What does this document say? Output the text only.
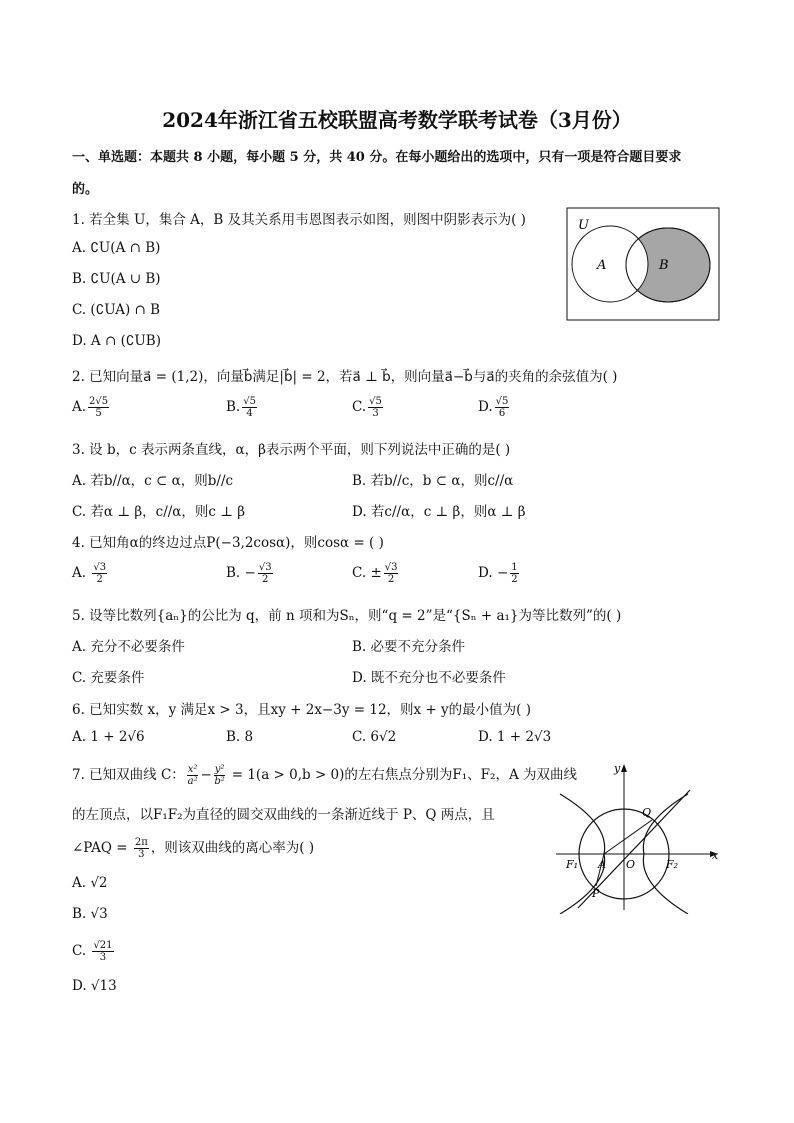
2024年浙江省五校联盟高考数学联考试卷（3月份）
一、单选题：本题共 8 小题，每小题 5 分，共 40 分。在每小题给出的选项中，只有一项是符合题目要求
的。
1. 若全集 U，集合 A，B 及其关系用韦恩图表示如图，则图中阴影表示为( )
A. ∁U(A ∩ B)
B. ∁U(A ∪ B)
C. (∁UA) ∩ B
D. A ∩ (∁UB)
U
A	B
2. 已知向量a⃗ = (1,2)，向量b⃗满足|b⃗| = 2，若a⃗ ⊥ b⃗，则向量a⃗−b⃗与a⃗的夹角的余弦值为( )
A. $\frac{2√5}{5}$	B. $\frac{√5}{4}$	C. $\frac{√5}{3}$	D. $\frac{√5}{6}$
3. 设 b，c 表示两条直线，α，β表示两个平面，则下列说法中正确的是( )
A. 若b//α，c ⊂ α，则b//c	B. 若b//c，b ⊂ α，则c//α
C. 若α ⊥ β，c//α，则c ⊥ β	D. 若c//α，c ⊥ β，则α ⊥ β
4. 已知角α的终边过点P(−3,2cosα)，则cosα = ( )
A. $\frac{√3}{2}$	B. − $\frac{√3}{2}$	C. ± $\frac{√3}{2}$	D. − $\frac{1}{2}$
5. 设等比数列{aₙ}的公比为 q，前 n 项和为Sₙ，则“q = 2”是“{Sₙ + a₁}为等比数列”的( )
A. 充分不必要条件	B. 必要不充分条件
C. 充要条件	D. 既不充分也不必要条件
6. 已知实数 x，y 满足x > 3，且xy + 2x−3y = 12，则x + y的最小值为( )
A. 1 + 2√6	B. 8	C. 6√2	D. 1 + 2√3
7. 已知双曲线 C： $\frac{\text{x²}}{\text{a²}} - \frac{\text{y²}}{\text{b²}} = 1(a > 0,b > 0)$的左右焦点分别为F₁、F₂，A 为双曲线
的左顶点，以F₁F₂为直径的圆交双曲线的一条渐近线于 P、Q 两点，且
∠PAQ = $\frac{2\pi}{3}$ ，则该双曲线的离心率为( )
A. √2
B. √3
C. $\frac{√21}{3}$
D. √13
y
x
Q
P
A O
F₁	F₂
